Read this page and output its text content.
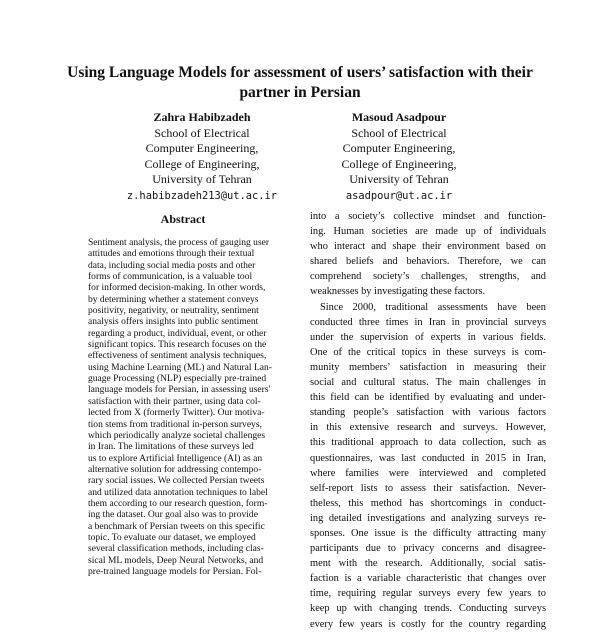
Using Language Models for assessment of users’ satisfaction with their
partner in Persian
Zahra Habibzadeh
School of Electrical
Computer Engineering,
College of Engineering,
University of Tehran
z.habibzadeh213@ut.ac.ir
Masoud Asadpour
School of Electrical
Computer Engineering,
College of Engineering,
University of Tehran
asadpour@ut.ac.ir
Abstract
Sentiment analysis, the process of gauging user
attitudes and emotions through their textual
data, including social media posts and other
forms of communication, is a valuable tool
for informed decision-making. In other words,
by determining whether a statement conveys
positivity, negativity, or neutrality, sentiment
analysis offers insights into public sentiment
regarding a product, individual, event, or other
significant topics. This research focuses on the
effectiveness of sentiment analysis techniques,
using Machine Learning (ML) and Natural Lan-
guage Processing (NLP) especially pre-trained
language models for Persian, in assessing users'
satisfaction with their partner, using data col-
lected from X (formerly Twitter). Our motiva-
tion stems from traditional in-person surveys,
which periodically analyze societal challenges
in Iran. The limitations of these surveys led
us to explore Artificial Intelligence (AI) as an
alternative solution for addressing contempo-
rary social issues. We collected Persian tweets
and utilized data annotation techniques to label
them according to our research question, form-
ing the dataset. Our goal also was to provide
a benchmark of Persian tweets on this specific
topic. To evaluate our dataset, we employed
several classification methods, including clas-
sical ML models, Deep Neural Networks, and
pre-trained language models for Persian. Fol-
into a society’s collective mindset and function-
ing. Human societies are made up of individuals
who interact and shape their environment based on
shared beliefs and behaviors. Therefore, we can
comprehend society’s challenges, strengths, and
weaknesses by investigating these factors.
Since 2000, traditional assessments have been
conducted three times in Iran in provincial surveys
under the supervision of experts in various fields.
One of the critical topics in these surveys is com-
munity members’ satisfaction in measuring their
social and cultural status. The main challenges in
this field can be identified by evaluating and under-
standing people’s satisfaction with various factors
in this extensive research and surveys. However,
this traditional approach to data collection, such as
questionnaires, was last conducted in 2015 in Iran,
where families were interviewed and completed
self-report lists to assess their satisfaction. Never-
theless, this method has shortcomings in conduct-
ing detailed investigations and analyzing surveys re-
sponses. One issue is the difficulty attracting many
participants due to privacy concerns and disagree-
ment with the research. Additionally, social satis-
faction is a variable characteristic that changes over
time, requiring regular surveys every few years to
keep up with changing trends. Conducting surveys
every few years is costly for the country regarding
